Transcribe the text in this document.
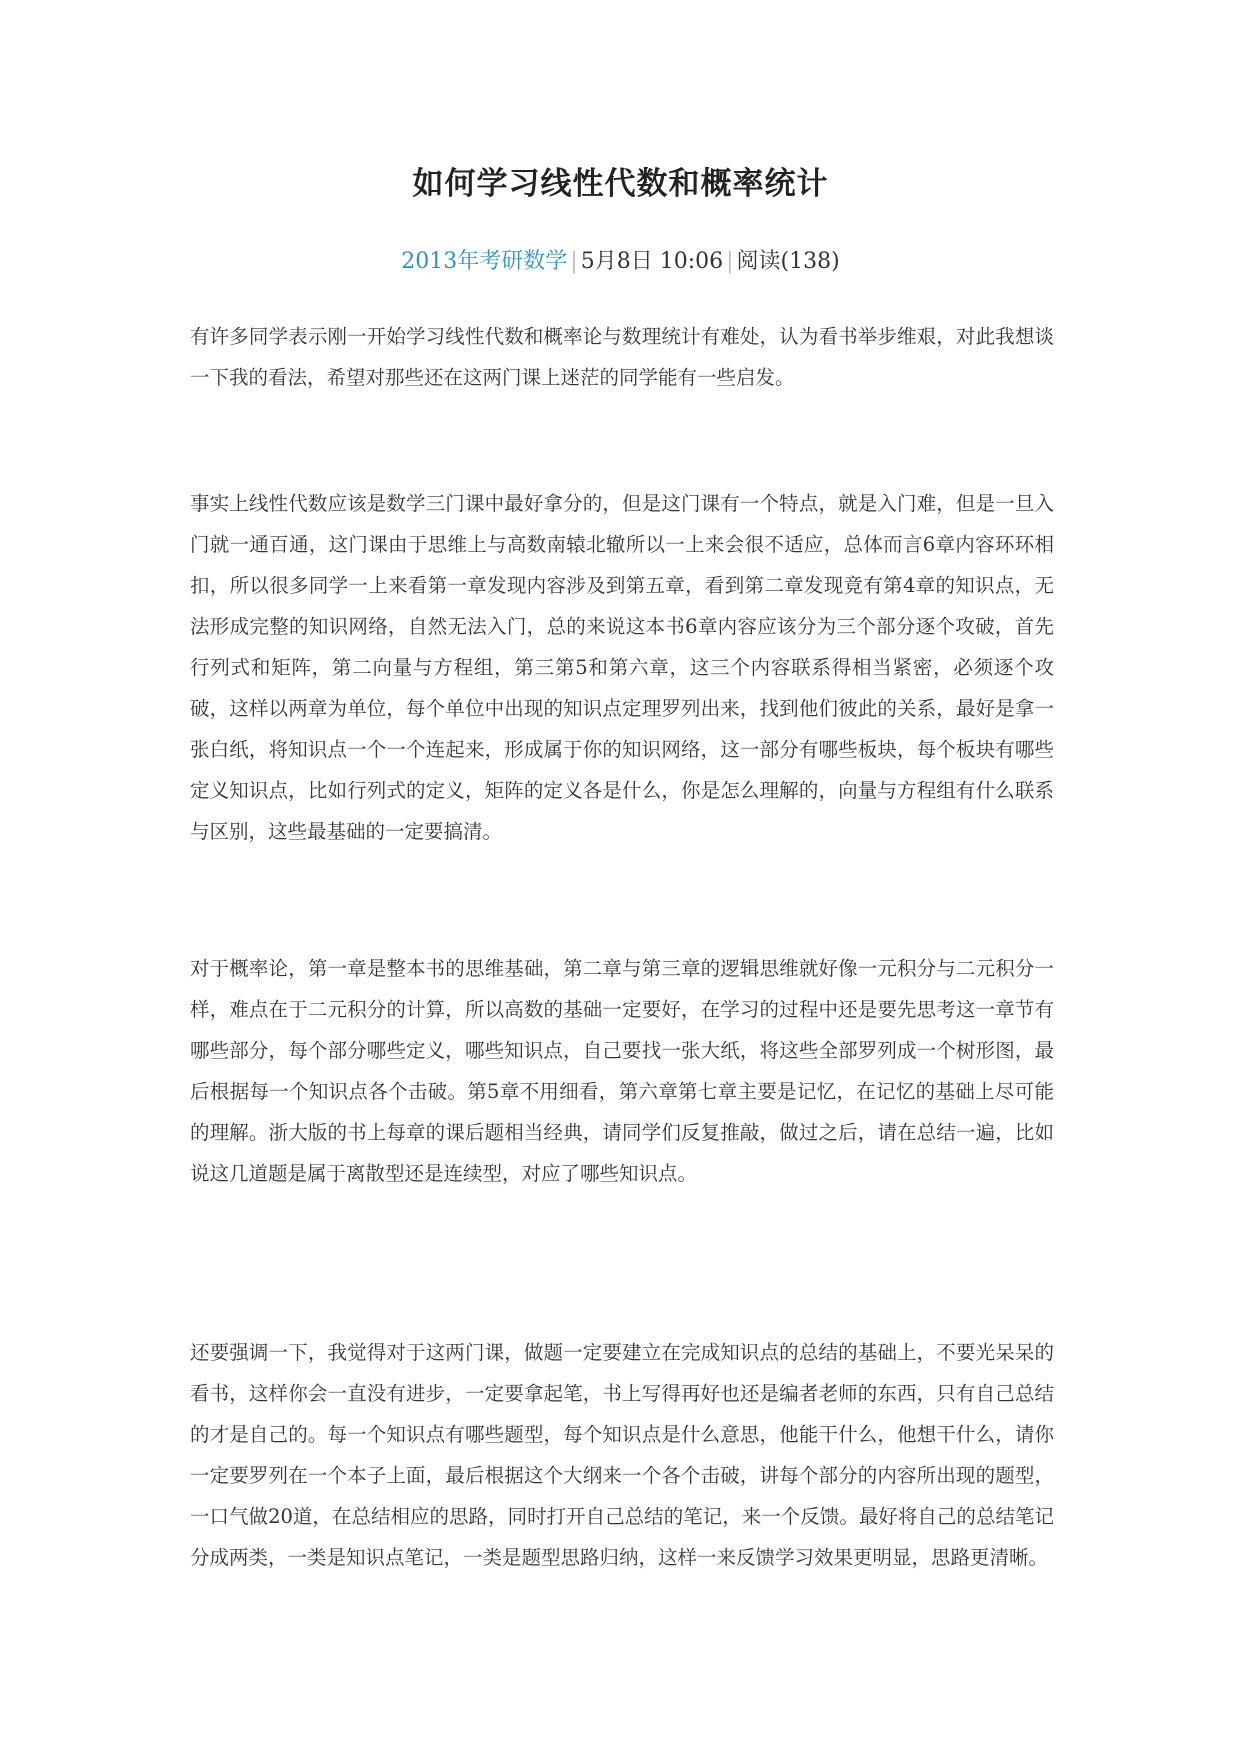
如何学习线性代数和概率统计
2013年考研数学 | 5月8日 10:06 | 阅读(138)

有许多同学表示刚一开始学习线性代数和概率论与数理统计有难处，认为看书举步维艰，对此我想谈一下我的看法，希望对那些还在这两门课上迷茫的同学能有一些启发。

事实上线性代数应该是数学三门课中最好拿分的，但是这门课有一个特点，就是入门难，但是一旦入门就一通百通，这门课由于思维上与高数南辕北辙所以一上来会很不适应，总体而言6章内容环环相扣，所以很多同学一上来看第一章发现内容涉及到第五章，看到第二章发现竟有第4章的知识点，无法形成完整的知识网络，自然无法入门，总的来说这本书6章内容应该分为三个部分逐个攻破，首先行列式和矩阵，第二向量与方程组，第三第5和第六章，这三个内容联系得相当紧密，必须逐个攻破，这样以两章为单位，每个单位中出现的知识点定理罗列出来，找到他们彼此的关系，最好是拿一张白纸，将知识点一个一个连起来，形成属于你的知识网络，这一部分有哪些板块，每个板块有哪些定义知识点，比如行列式的定义，矩阵的定义各是什么，你是怎么理解的，向量与方程组有什么联系与区别，这些最基础的一定要搞清。

对于概率论，第一章是整本书的思维基础，第二章与第三章的逻辑思维就好像一元积分与二元积分一样，难点在于二元积分的计算，所以高数的基础一定要好，在学习的过程中还是要先思考这一章节有哪些部分，每个部分哪些定义，哪些知识点，自己要找一张大纸，将这些全部罗列成一个树形图，最后根据每一个知识点各个击破。第5章不用细看，第六章第七章主要是记忆，在记忆的基础上尽可能的理解。浙大版的书上每章的课后题相当经典，请同学们反复推敲，做过之后，请在总结一遍，比如说这几道题是属于离散型还是连续型，对应了哪些知识点。

还要强调一下，我觉得对于这两门课，做题一定要建立在完成知识点的总结的基础上，不要光呆呆的看书，这样你会一直没有进步，一定要拿起笔，书上写得再好也还是编者老师的东西，只有自己总结的才是自己的。每一个知识点有哪些题型，每个知识点是什么意思，他能干什么，他想干什么，请你一定要罗列在一个本子上面，最后根据这个大纲来一个各个击破，讲每个部分的内容所出现的题型，一口气做20道，在总结相应的思路，同时打开自己总结的笔记，来一个反馈。最好将自己的总结笔记分成两类，一类是知识点笔记，一类是题型思路归纳，这样一来反馈学习效果更明显，思路更清晰。
